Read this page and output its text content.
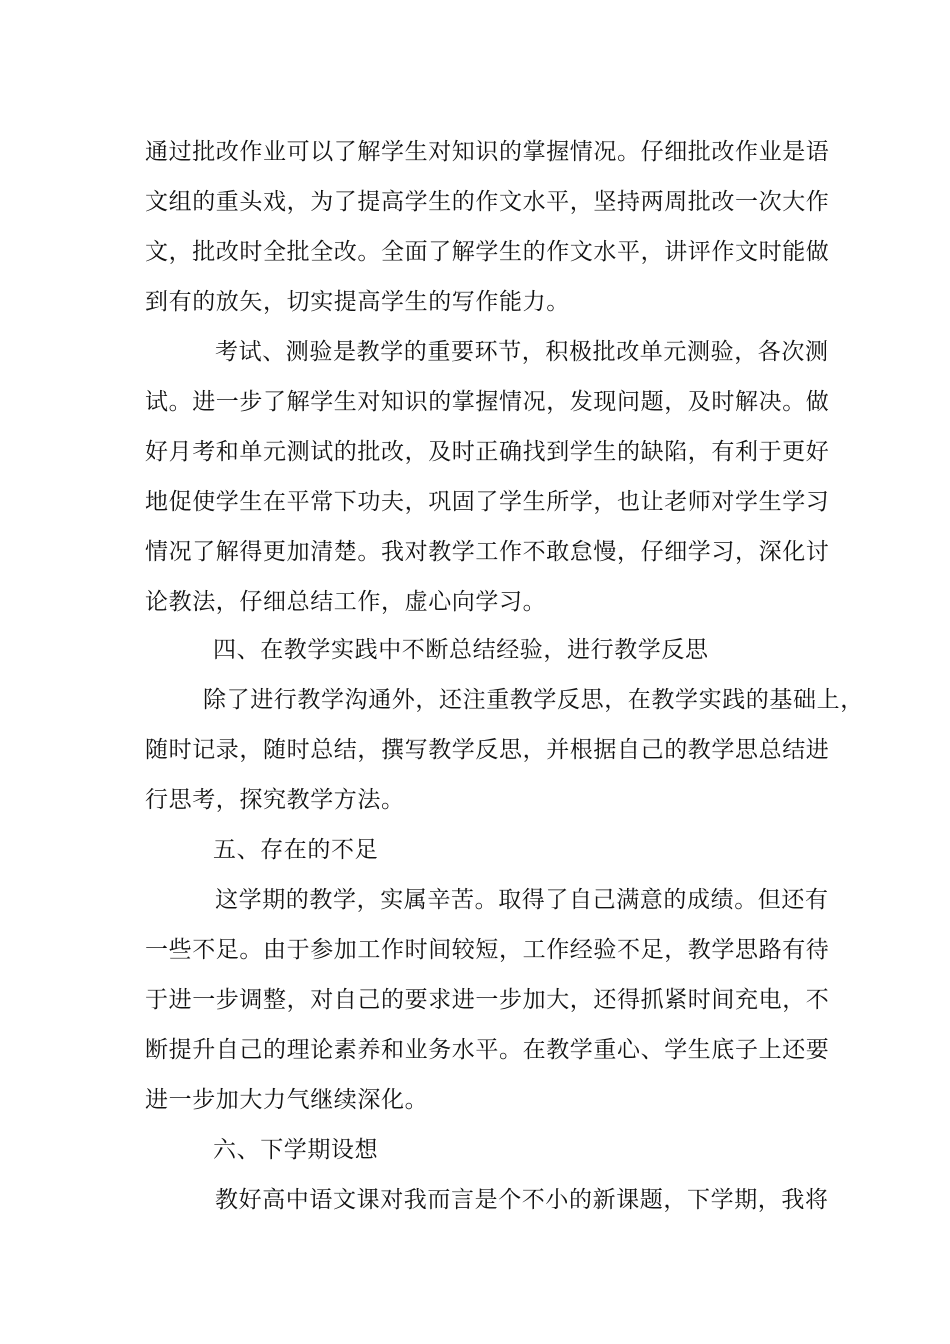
通过批改作业可以了解学生对知识的掌握情况。仔细批改作业是语
文组的重头戏，为了提高学生的作文水平，坚持两周批改一次大作
文，批改时全批全改。全面了解学生的作文水平，讲评作文时能做
到有的放矢，切实提高学生的写作能力。
考试、测验是教学的重要环节，积极批改单元测验，各次测
试。进一步了解学生对知识的掌握情况，发现问题，及时解决。做
好月考和单元测试的批改，及时正确找到学生的缺陷，有利于更好
地促使学生在平常下功夫，巩固了学生所学，也让老师对学生学习
情况了解得更加清楚。我对教学工作不敢怠慢，仔细学习，深化讨
论教法，仔细总结工作，虚心向学习。
四、在教学实践中不断总结经验，进行教学反思
除了进行教学沟通外，还注重教学反思，在教学实践的基础上，
随时记录，随时总结，撰写教学反思，并根据自己的教学思总结进
行思考，探究教学方法。
五、存在的不足
这学期的教学，实属辛苦。取得了自己满意的成绩。但还有
一些不足。由于参加工作时间较短，工作经验不足，教学思路有待
于进一步调整，对自己的要求进一步加大，还得抓紧时间充电，不
断提升自己的理论素养和业务水平。在教学重心、学生底子上还要
进一步加大力气继续深化。
六、下学期设想
教好高中语文课对我而言是个不小的新课题，下学期，我将
